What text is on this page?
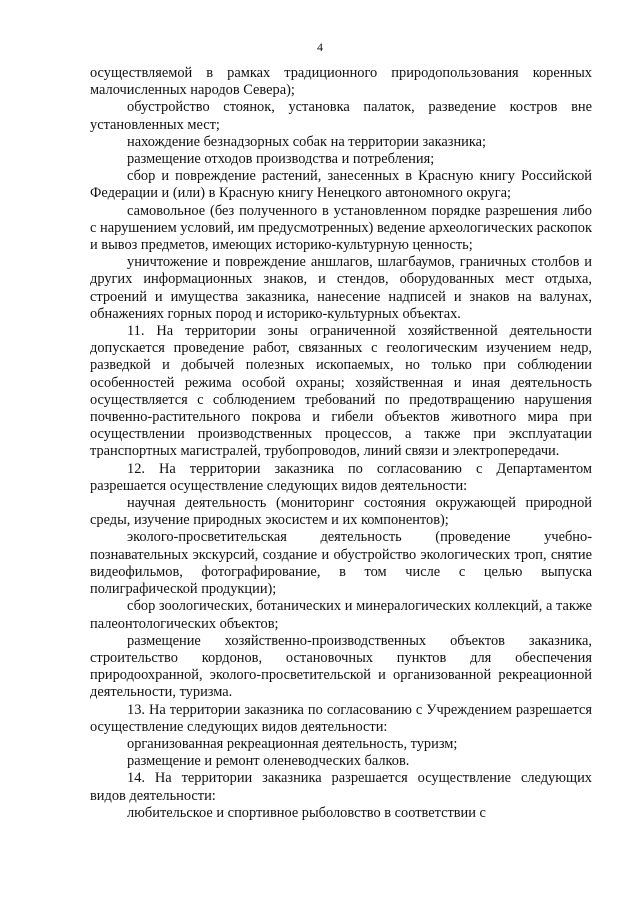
4

осуществляемой в рамках традиционного природопользования коренных малочисленных народов Севера);

обустройство стоянок, установка палаток, разведение костров вне установленных мест;

нахождение безнадзорных собак на территории заказника;

размещение отходов производства и потребления;

сбор и повреждение растений, занесенных в Красную книгу Российской Федерации и (или) в Красную книгу Ненецкого автономного округа;

самовольное (без полученного в установленном порядке разрешения либо с нарушением условий, им предусмотренных) ведение археологических раскопок и вывоз предметов, имеющих историко-культурную ценность;

уничтожение и повреждение аншлагов, шлагбаумов, граничных столбов и других информационных знаков, и стендов, оборудованных мест отдыха, строений и имущества заказника, нанесение надписей и знаков на валунах, обнажениях горных пород и историко-культурных объектах.

11. На территории зоны ограниченной хозяйственной деятельности допускается проведение работ, связанных с геологическим изучением недр, разведкой и добычей полезных ископаемых, но только при соблюдении особенностей режима особой охраны; хозяйственная и иная деятельность осуществляется с соблюдением требований по предотвращению нарушения почвенно-растительного покрова и гибели объектов животного мира при осуществлении производственных процессов, а также при эксплуатации транспортных магистралей, трубопроводов, линий связи и электропередачи.

12. На территории заказника по согласованию с Департаментом разрешается осуществление следующих видов деятельности:

научная деятельность (мониторинг состояния окружающей природной среды, изучение природных экосистем и их компонентов);

эколого-просветительская деятельность (проведение учебно-познавательных экскурсий, создание и обустройство экологических троп, снятие видеофильмов, фотографирование, в том числе с целью выпуска полиграфической продукции);

сбор зоологических, ботанических и минералогических коллекций, а также палеонтологических объектов;

размещение хозяйственно-производственных объектов заказника, строительство кордонов, остановочных пунктов для обеспечения природоохранной, эколого-просветительской и организованной рекреационной деятельности, туризма.

13. На территории заказника по согласованию с Учреждением разрешается осуществление следующих видов деятельности:

организованная рекреационная деятельность, туризм;

размещение и ремонт оленеводческих балков.

14. На территории заказника разрешается осуществление следующих видов деятельности:

любительское и спортивное рыболовство в соответствии с
